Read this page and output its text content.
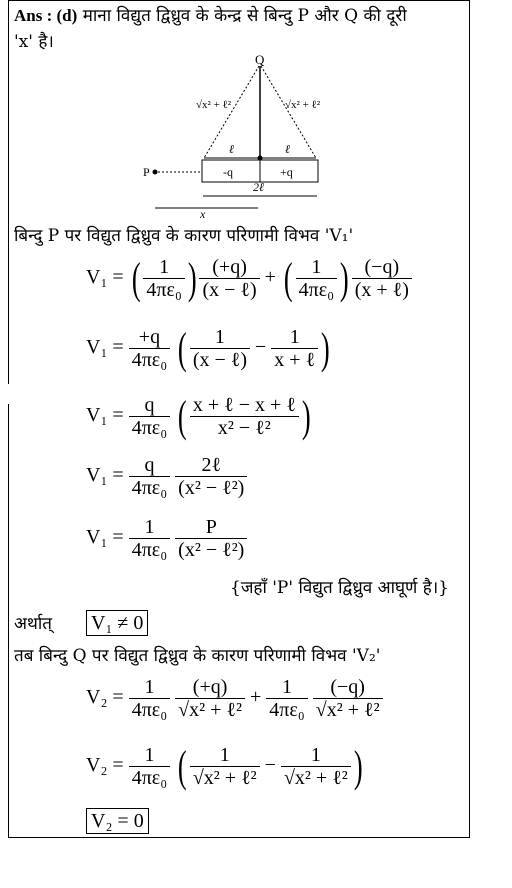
Ans : (d) माना विद्युत द्विध्रुव के केन्द्र से बिन्दु P और Q की दूरी
'x' है।
Q
√x² + ℓ²	√x² + ℓ²
ℓ	ℓ
-q	+q
P
2ℓ
x
बिन्दु P पर विद्युत द्विध्रुव के कारण परिणामी विभव 'V₁'
V₁ = ( $\frac{1}{\text{4πε₀}}$ ) $\frac{(+q)}{\text{(x − ℓ)}}$ + ( $\frac{1}{\text{4πε₀}}$ ) $\frac{(-q)}{\text{(x + ℓ)}}$
$V_1 = \frac{+q}{\text{4πε₀}}$ ( $\frac{1}{\text{(x − ℓ)}} - \frac{1}{\text{x + ℓ}}$ )
$V_1 = \frac{q}{\text{4πε₀}}$ ( $\frac{\text{x + ℓ − x + ℓ}}{\text{x² − ℓ²}}$ )
$V_1 = \frac{q}{\text{4πε₀}}$
$\frac{\text{2ℓ}}{\text{(x² − ℓ²)}}$
$V_1 = \frac{1}{\text{4πε₀}}$
$\frac{P}{\text{(x² − ℓ²)}}$
{जहाँ 'P' विद्युत द्विध्रुव आघूर्ण है।}
अर्थात् V₁ ≠ 0
तब बिन्दु Q पर विद्युत द्विध्रुव के कारण परिणामी विभव 'V₂'
$V_2 = \frac{1}{\text{4πε₀}}$
$\frac{(+q)}{\text{√x² + ℓ²}} + \frac{1}{\text{4πε₀}}$
$\frac{(-q)}{\text{√x² + ℓ²}}$
$V_2 = \frac{1}{\text{4πε₀}}$ ( $\frac{1}{\text{√x² + ℓ²}} - \frac{1}{\text{√x² + ℓ²}}$ )
V₂ = 0
